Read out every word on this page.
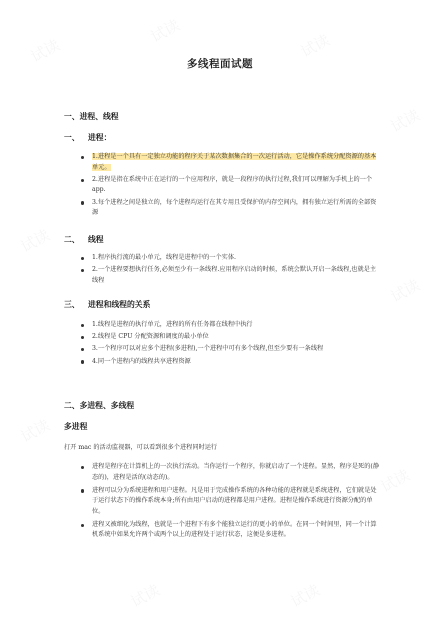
试读
试读
试读
试读
试读
试读
试读
试读
试读	试读
多线程面试题
一、进程、线程
一、 进程：
1.进程是一个具有一定独立功能的程序关于某次数据集合的一次运行活动，它是操作系统分配资源的基本单元。
2.进程是指在系统中正在运行的一个应用程序，就是一段程序的执行过程,我们可以理解为手机上的一个 app.
3.每个进程之间是独立的，每个进程均运行在其专用且受保护的内存空间内，拥有独立运行所需的全部资源
二、 线程
1.程序执行流的最小单元，线程是进程中的一个实体.
2.一个进程要想执行任务,必须至少有一条线程.应用程序启动的时候，系统会默认开启一条线程,也就是主线程
三、 进程和线程的关系
1.线程是进程的执行单元，进程的所有任务都在线程中执行
2.线程是 CPU 分配资源和调度的最小单位
3.一个程序可以对应多个进程(多进程),一个进程中可有多个线程,但至少要有一条线程
4.同一个进程内的线程共享进程资源
二、多进程、多线程
多进程
打开 mac 的活动监视器，可以看到很多个进程同时运行
进程是程序在计算机上的一次执行活动。当你运行一个程序，你就启动了一个进程。显然，程序是死的(静态的)，进程是活的(动态的)。
进程可以分为系统进程和用户进程。凡是用于完成操作系统的各种功能的进程就是系统进程，它们就是处于运行状态下的操作系统本身;所有由用户启动的进程都是用户进程。进程是操作系统进行资源分配的单位。
进程又被细化为线程，也就是一个进程下有多个能独立运行的更小的单位。在同一个时间里，同一个计算机系统中如果允许两个或两个以上的进程处于运行状态，这便是多进程。
